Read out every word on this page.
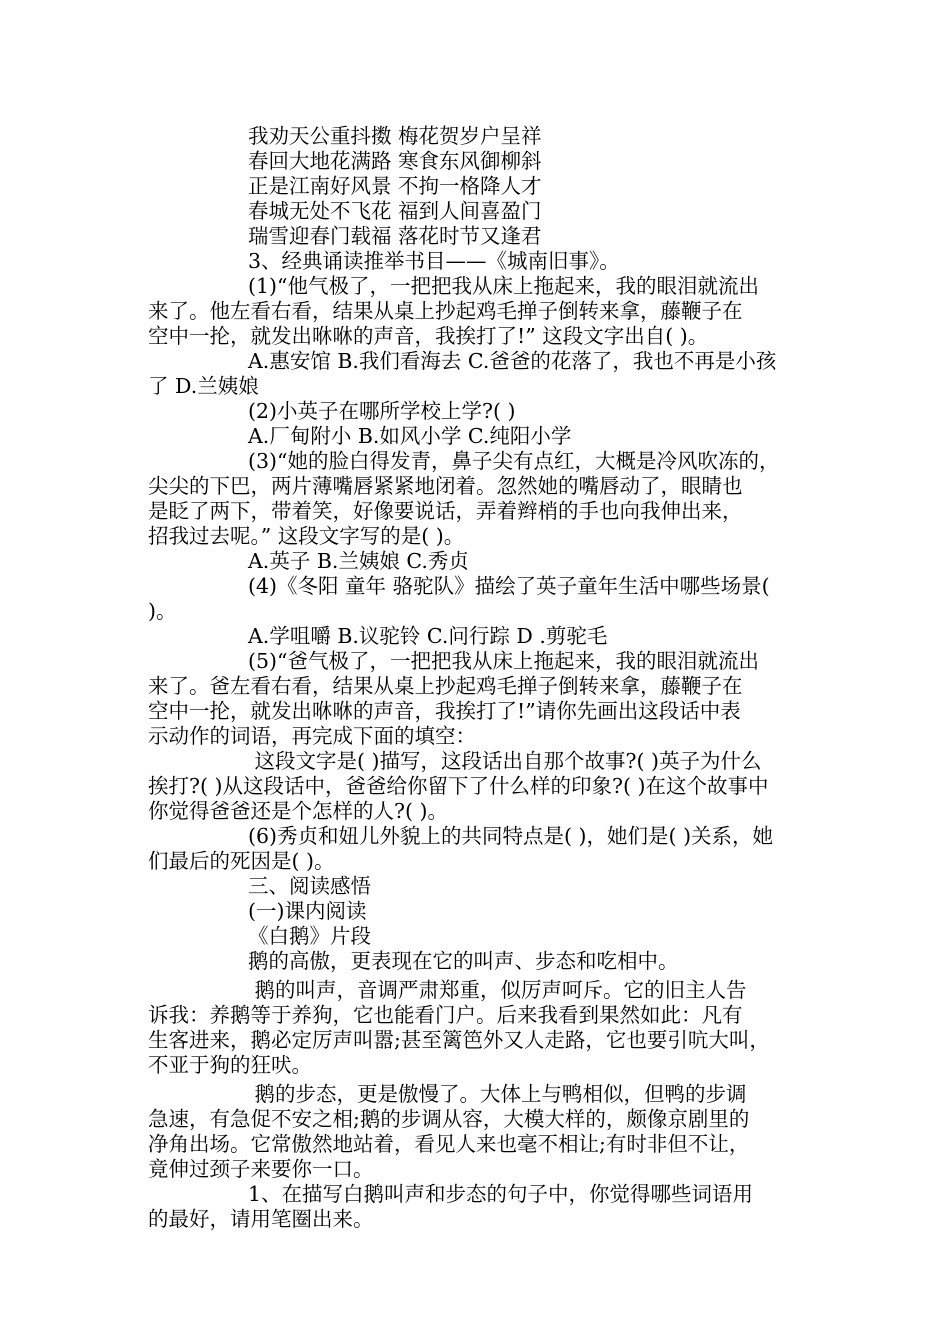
我劝天公重抖擞 梅花贺岁户呈祥

春回大地花满路 寒食东风御柳斜

正是江南好风景 不拘一格降人才

春城无处不飞花 福到人间喜盈门

瑞雪迎春门载福 落花时节又逢君

3、经典诵读推举书目——《城南旧事》。

(1)“他气极了，一把把我从床上拖起来，我的眼泪就流出

来了。他左看右看，结果从桌上抄起鸡毛掸子倒转来拿，藤鞭子在

空中一抡，就发出咻咻的声音，我挨打了!” 这段文字出自( )。

A.惠安馆 B.我们看海去 C.爸爸的花落了，我也不再是小孩

了 D.兰姨娘

(2)小英子在哪所学校上学?( )

A.厂甸附小 B.如风小学 C.纯阳小学

(3)“她的脸白得发青，鼻子尖有点红，大概是冷风吹冻的，

尖尖的下巴，两片薄嘴唇紧紧地闭着。忽然她的嘴唇动了，眼睛也

是眨了两下，带着笑，好像要说话，弄着辫梢的手也向我伸出来，

招我过去呢。” 这段文字写的是( )。

A.英子 B.兰姨娘 C.秀贞

(4)《冬阳 童年 骆驼队》描绘了英子童年生活中哪些场景(

)。

A.学咀嚼 B.议驼铃 C.问行踪 D .剪驼毛

(5)“爸气极了，一把把我从床上拖起来，我的眼泪就流出

来了。爸左看右看，结果从桌上抄起鸡毛掸子倒转来拿，藤鞭子在

空中一抡，就发出咻咻的声音，我挨打了!”请你先画出这段话中表

示动作的词语，再完成下面的填空：

这段文字是( )描写，这段话出自那个故事?( )英子为什么

挨打?( )从这段话中，爸爸给你留下了什么样的印象?( )在这个故事中

你觉得爸爸还是个怎样的人?( )。

(6)秀贞和妞儿外貌上的共同特点是( )，她们是( )关系，她

们最后的死因是( )。

三、阅读感悟

(一)课内阅读

《白鹅》片段

鹅的高傲，更表现在它的叫声、步态和吃相中。

鹅的叫声，音调严肃郑重，似厉声呵斥。它的旧主人告

诉我：养鹅等于养狗，它也能看门户。后来我看到果然如此：凡有

生客进来，鹅必定厉声叫嚣;甚至篱笆外又人走路，它也要引吭大叫，

不亚于狗的狂吠。

鹅的步态，更是傲慢了。大体上与鸭相似，但鸭的步调

急速，有急促不安之相;鹅的步调从容，大模大样的，颇像京剧里的

净角出场。它常傲然地站着，看见人来也毫不相让;有时非但不让，

竟伸过颈子来要你一口。

1、在描写白鹅叫声和步态的句子中，你觉得哪些词语用

的最好，请用笔圈出来。
